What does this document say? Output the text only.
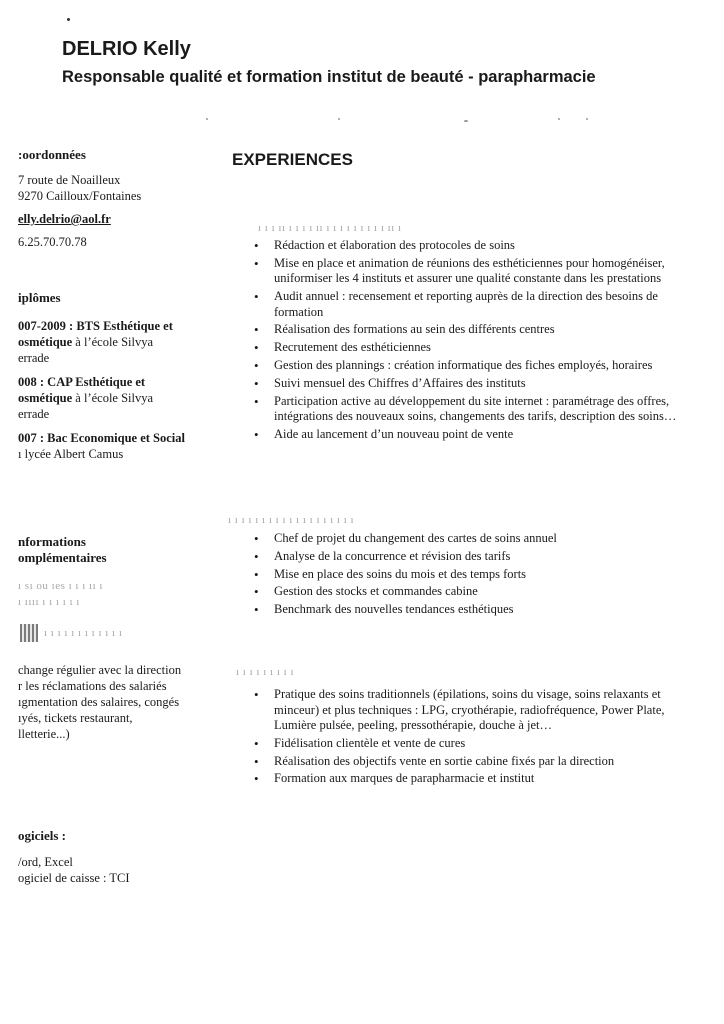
DELRIO Kelly
Responsable qualité et formation institut de beauté - parapharmacie
:oordonnées
7 route de Noailleux
9270 Cailloux/Fontaines
elly.delrio@aol.fr
6.25.70.70.78
iplômes
007-2009 : BTS Esthétique et
osmétique à l’école Silvya
errade
008 : CAP Esthétique et
osmétique à l’école Silvya
errade
007 : Bac Economique et Social
ı lycée Albert Camus
nformations
omplémentaires
ı sı ou ıes ı ı ı ıı ı
ı ıııı ı ı ı ı ı ı
ı ı ı ı ı ı ı ı ı ı ı ı
change régulier avec la direction
r les réclamations des salariés
ıgmentation des salaires, congés
ıyés, tickets restaurant,
lletterie...)
ogiciels :
/ord, Excel
ogiciel de caisse : TCI
EXPERIENCES
ı ı ı ıı ı ı ı ı ıı ı ı ı ı ı ı ı ı ı ıı ı
• Rédaction et élaboration des protocoles de soins
• Mise en place et animation de réunions des esthéticiennes pour homogénéiser, uniformiser les 4 instituts et assurer une qualité constante dans les prestations
• Audit annuel : recensement et reporting auprès de la direction des besoins de formation
• Réalisation des formations au sein des différents centres
• Recrutement des esthéticiennes
• Gestion des plannings : création informatique des fiches employés, horaires
• Suivi mensuel des Chiffres d’Affaires des instituts
• Participation active au développement du site internet : paramétrage des offres, intégrations des nouveaux soins, changements des tarifs, description des soins…
• Aide au lancement d’un nouveau point de vente
ı ı ı ı ı ı ı ı ı ı ı ı ı ı ı ı ı ı ı
• Chef de projet du changement des cartes de soins annuel
• Analyse de la concurrence et révision des tarifs
• Mise en place des soins du mois et des temps forts
• Gestion des stocks et commandes cabine
• Benchmark des nouvelles tendances esthétiques
ı ı ı ı ı ı ı ı ı
• Pratique des soins traditionnels (épilations, soins du visage, soins relaxants et minceur) et plus techniques : LPG, cryothérapie, radiofréquence, Power Plate, Lumière pulsée, peeling, pressothérapie, douche à jet…
• Fidélisation clientèle et vente de cures
• Réalisation des objectifs vente en sortie cabine fixés par la direction
• Formation aux marques de parapharmacie et institut
